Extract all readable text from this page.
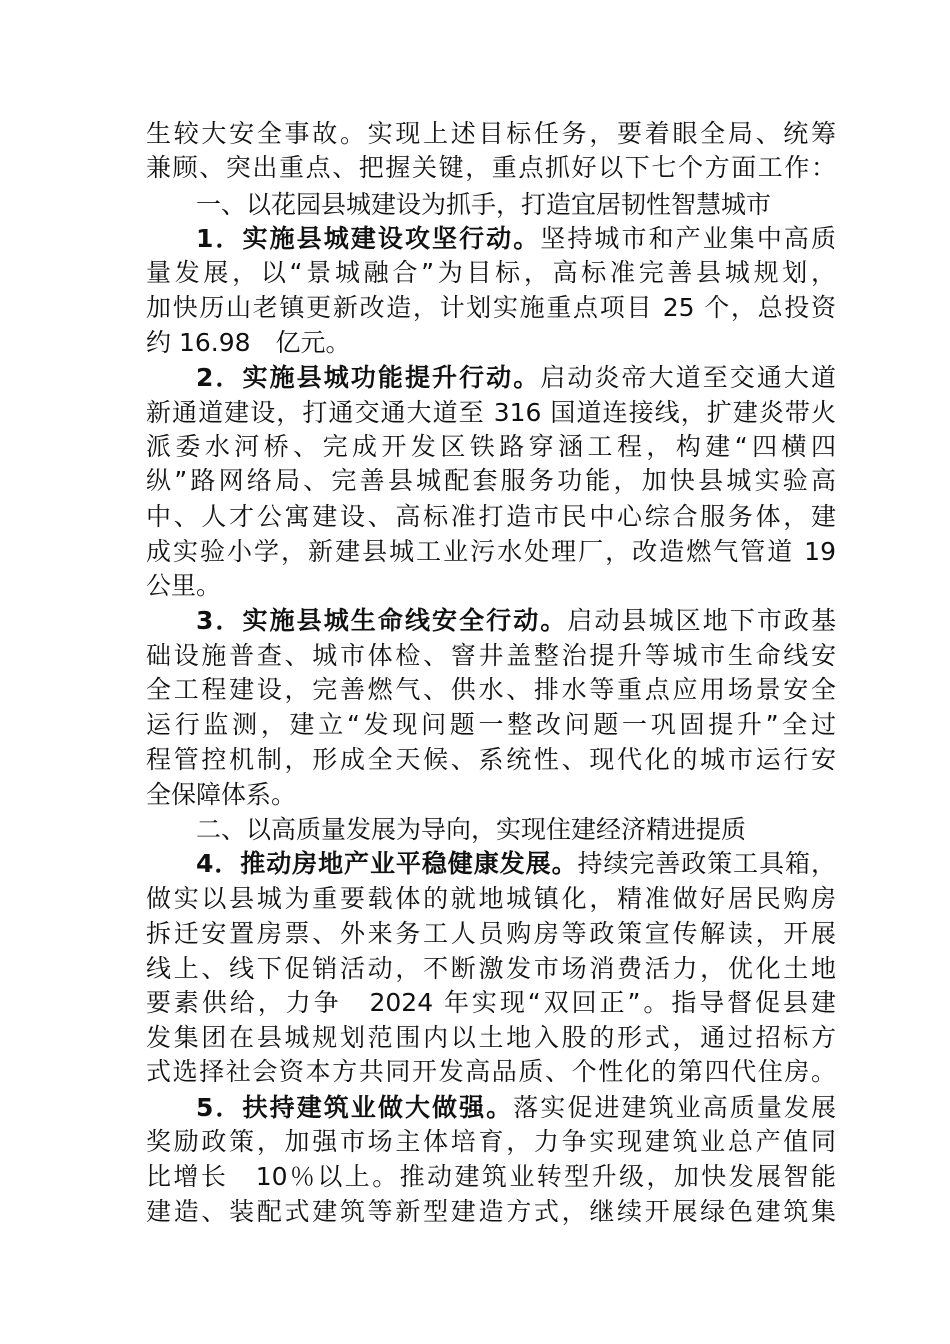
生较大安全事故。实现上述目标任务，要着眼全局、统筹
兼顾、突出重点、把握关键，重点抓好以下七个方面工作：
一、以花园县城建设为抓手，打造宜居韧性智慧城市
1．实施县城建设攻坚行动。坚持城市和产业集中高质
量发展，以“景城融合”为目标，高标准完善县城规划，
加快历山老镇更新改造，计划实施重点项目 25 个，总投资
约 16.98　亿元。
2．实施县城功能提升行动。启动炎帝大道至交通大道
新通道建设，打通交通大道至 316 国道连接线，扩建炎带火
派委水河桥、完成开发区铁路穿涵工程，构建“四横四
纵”路网络局、完善县城配套服务功能，加快县城实验高
中、人才公寓建设、高标准打造市民中心综合服务体，建
成实验小学，新建县城工业污水处理厂，改造燃气管道 19
公里。
3．实施县城生命线安全行动。启动县城区地下市政基
础设施普查、城市体检、窨井盖整治提升等城市生命线安
全工程建设，完善燃气、供水、排水等重点应用场景安全
运行监测，建立“发现问题一整改问题一巩固提升”全过
程管控机制，形成全天候、系统性、现代化的城市运行安
全保障体系。
二、以高质量发展为导向，实现住建经济精进提质
4．推动房地产业平稳健康发展。持续完善政策工具箱，
做实以县城为重要载体的就地城镇化，精准做好居民购房
拆迁安置房票、外来务工人员购房等政策宣传解读，开展
线上、线下促销活动，不断激发市场消费活力，优化土地
要素供给，力争　2024 年实现“双回正”。指导督促县建
发集团在县城规划范围内以土地入股的形式，通过招标方
式选择社会资本方共同开发高品质、个性化的第四代住房。
5．扶持建筑业做大做强。落实促进建筑业高质量发展
奖励政策，加强市场主体培育，力争实现建筑业总产值同
比增长　10％以上。推动建筑业转型升级，加快发展智能
建造、装配式建筑等新型建造方式，继续开展绿色建筑集
